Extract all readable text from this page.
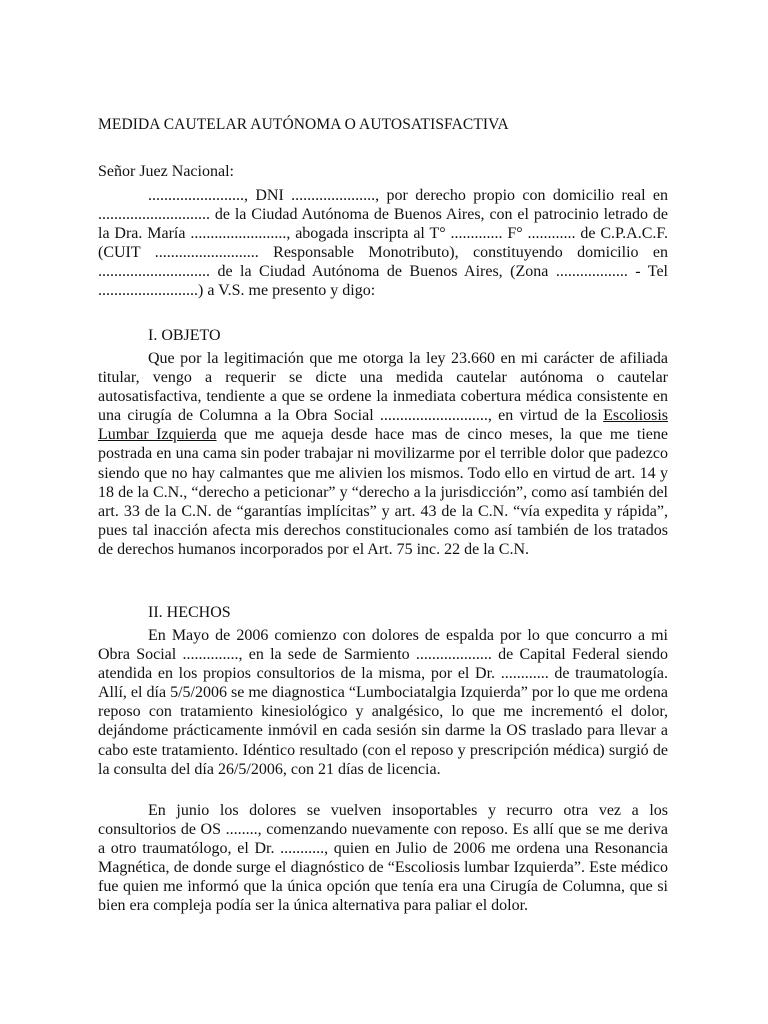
MEDIDA CAUTELAR AUTÓNOMA O AUTOSATISFACTIVA

Señor Juez Nacional:

........................, DNI ....................., por derecho propio con domicilio real en ............................ de la Ciudad Autónoma de Buenos Aires, con el patrocinio letrado de la Dra. María ........................, abogada inscripta al T° ............. F° ............ de C.P.A.C.F. (CUIT .......................... Responsable Monotributo), constituyendo domicilio en ............................ de la Ciudad Autónoma de Buenos Aires, (Zona .................. - Tel .........................) a V.S. me presento y digo:

I. OBJETO

Que por la legitimación que me otorga la ley 23.660 en mi carácter de afiliada titular, vengo a requerir se dicte una medida cautelar autónoma o cautelar autosatisfactiva, tendiente a que se ordene la inmediata cobertura médica consistente en una cirugía de Columna a la Obra Social ..........................., en virtud de la Escoliosis Lumbar Izquierda que me aqueja desde hace mas de cinco meses, la que me tiene postrada en una cama sin poder trabajar ni movilizarme por el terrible dolor que padezco siendo que no hay calmantes que me alivien los mismos. Todo ello en virtud de art. 14 y 18 de la C.N., “derecho a peticionar” y “derecho a la jurisdicción”, como así también del art. 33 de la C.N. de “garantías implícitas” y art. 43 de la C.N. “vía expedita y rápida”, pues tal inacción afecta mis derechos constitucionales como así también de los tratados de derechos humanos incorporados por el Art. 75 inc. 22 de la C.N.

II. HECHOS

En Mayo de 2006 comienzo con dolores de espalda por lo que concurro a mi Obra Social .............., en la sede de Sarmiento ................... de Capital Federal siendo atendida en los propios consultorios de la misma, por el Dr. ............ de traumatología. Allí, el día 5/5/2006 se me diagnostica “Lumbociatalgia Izquierda” por lo que me ordena reposo con tratamiento kinesiológico y analgésico, lo que me incrementó el dolor, dejándome prácticamente inmóvil en cada sesión sin darme la OS traslado para llevar a cabo este tratamiento. Idéntico resultado (con el reposo y prescripción médica) surgió de la consulta del día 26/5/2006, con 21 días de licencia.

En junio los dolores se vuelven insoportables y recurro otra vez a los consultorios de OS ........, comenzando nuevamente con reposo. Es allí que se me deriva a otro traumatólogo, el Dr. ..........., quien en Julio de 2006 me ordena una Resonancia Magnética, de donde surge el diagnóstico de “Escoliosis lumbar Izquierda”. Este médico fue quien me informó que la única opción que tenía era una Cirugía de Columna, que si bien era compleja podía ser la única alternativa para paliar el dolor.
